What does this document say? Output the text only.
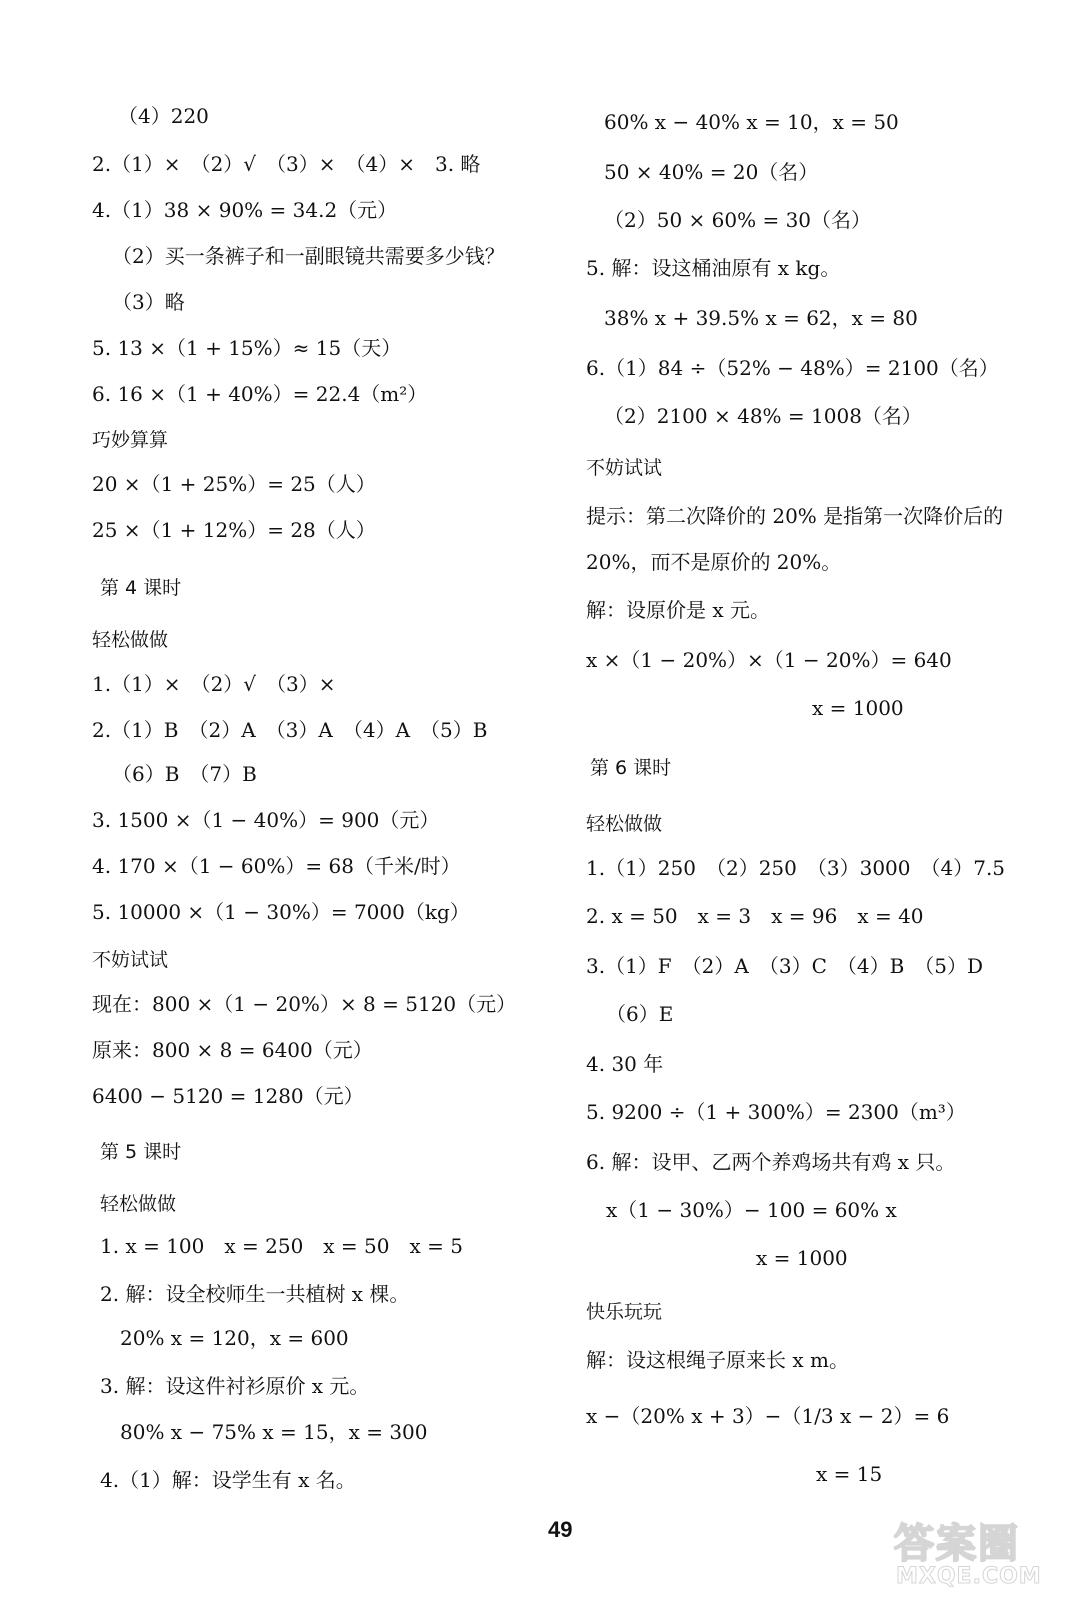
（4）220
2.（1）×　（2）√　（3）×　（4）×　3. 略
4.（1）38 × 90% = 34.2（元）
（2）买一条裤子和一副眼镜共需要多少钱？
（3）略
5. 13 ×（1 + 15%）≈ 15（天）
6. 16 ×（1 + 40%）= 22.4（m²）
巧妙算算
20 ×（1 + 25%）= 25（人）
25 ×（1 + 12%）= 28（人）
第 4 课时
轻松做做
1.（1）×　（2）√　（3）×
2.（1）B　（2）A　（3）A　（4）A　（5）B
（6）B　（7）B
3. 1500 ×（1 − 40%）= 900（元）
4. 170 ×（1 − 60%）= 68（千米/时）
5. 10000 ×（1 − 30%）= 7000（kg）
不妨试试
现在：800 ×（1 − 20%）× 8 = 5120（元）
原来：800 × 8 = 6400（元）
6400 − 5120 = 1280（元）
第 5 课时
轻松做做
1. x = 100　x = 250　x = 50　x = 5
2. 解：设全校师生一共植树 x 棵。
20% x = 120，x = 600
3. 解：设这件衬衫原价 x 元。
80% x − 75% x = 15，x = 300
4.（1）解：设学生有 x 名。
60% x − 40% x = 10，x = 50
50 × 40% = 20（名）
（2）50 × 60% = 30（名）
5. 解：设这桶油原有 x kg。
38% x + 39.5% x = 62，x = 80
6.（1）84 ÷（52% − 48%）= 2100（名）
（2）2100 × 48% = 1008（名）
不妨试试
提示：第二次降价的 20% 是指第一次降价后的
20%，而不是原价的 20%。
解：设原价是 x 元。
x ×（1 − 20%）×（1 − 20%）= 640
x = 1000
第 6 课时
轻松做做
1.（1）250　（2）250　（3）3000　（4）7.5
2. x = 50　x = 3　x = 96　x = 40
3.（1）F　（2）A　（3）C　（4）B　（5）D
（6）E
4. 30 年
5. 9200 ÷（1 + 300%）= 2300（m³）
6. 解：设甲、乙两个养鸡场共有鸡 x 只。
x（1 − 30%）− 100 = 60% x
x = 1000
快乐玩玩
解：设这根绳子原来长 x m。
x −（20% x + 3）−（1/3 x − 2）= 6
x = 15
49	答案圈
MXQE.COM
